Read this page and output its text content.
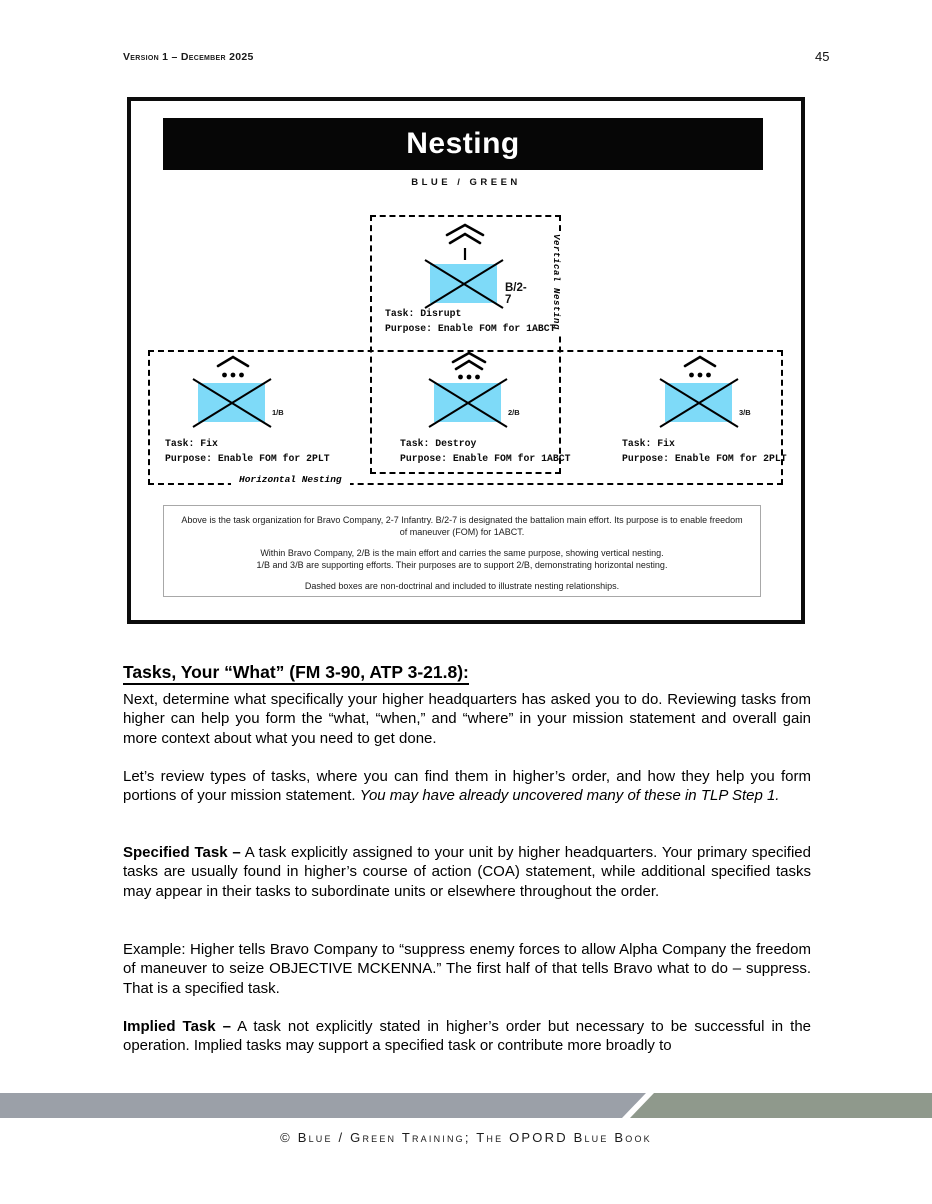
Version 1 – December 2025	45
Nesting
BLUE / GREEN
Vertical Nesting
Horizontal Nesting
B/2-7
Task: Disrupt
Purpose: Enable FOM for 1ABCT
1/B
Task: Fix
Purpose: Enable FOM for 2PLT
2/B
Task: Destroy
Purpose: Enable FOM for 1ABCT
3/B
Task: Fix
Purpose: Enable FOM for 2PLT

Above is the task organization for Bravo Company, 2-7 Infantry. B/2-7 is designated the battalion main effort. Its purpose is to enable freedom of maneuver (FOM) for 1ABCT.

Within Bravo Company, 2/B is the main effort and carries the same purpose, showing vertical nesting.

1/B and 3/B are supporting efforts. Their purposes are to support 2/B, demonstrating horizontal nesting.

Dashed boxes are non-doctrinal and included to illustrate nesting relationships.

Tasks, Your “What” (FM 3-90, ATP 3-21.8):

Next, determine what specifically your higher headquarters has asked you to do. Reviewing tasks from higher can help you form the “what, “when,” and “where” in your mission statement and overall gain more context about what you need to get done.

Let’s review types of tasks, where you can find them in higher’s order, and how they help you form portions of your mission statement. You may have already uncovered many of these in TLP Step 1.

Specified Task – A task explicitly assigned to your unit by higher headquarters. Your primary specified tasks are usually found in higher’s course of action (COA) statement, while additional specified tasks may appear in their tasks to subordinate units or elsewhere throughout the order.

Example: Higher tells Bravo Company to “suppress enemy forces to allow Alpha Company the freedom of maneuver to seize OBJECTIVE MCKENNA.” The first half of that tells Bravo what to do – suppress. That is a specified task.

Implied Task – A task not explicitly stated in higher’s order but necessary to be successful in the operation. Implied tasks may support a specified task or contribute more broadly to

© Blue / Green Training; The OPORD Blue Book
